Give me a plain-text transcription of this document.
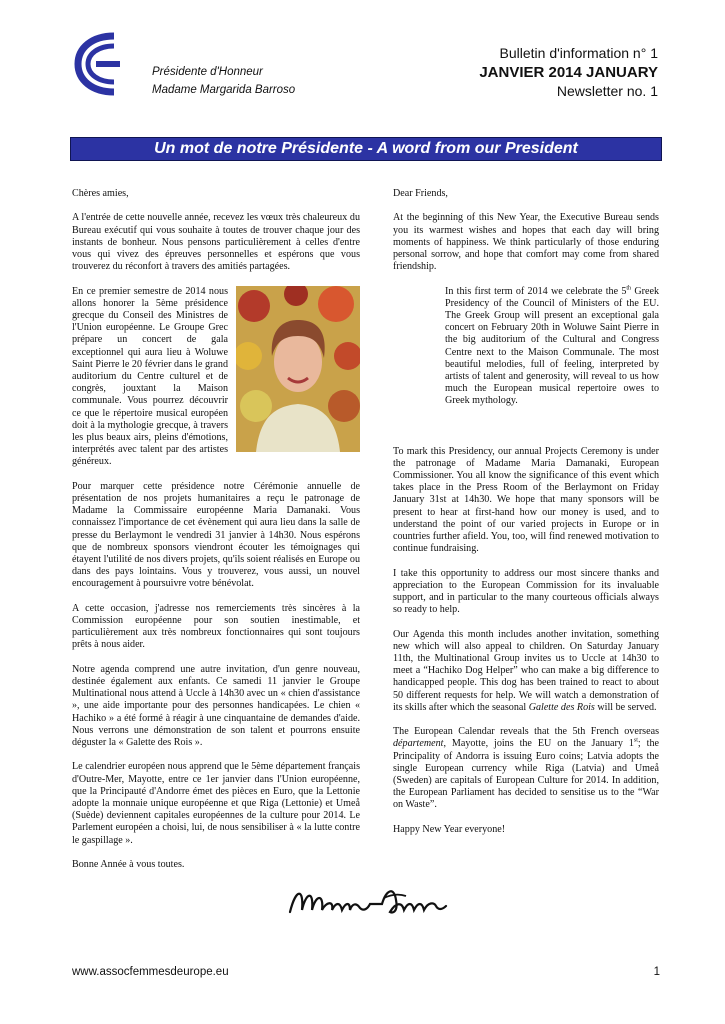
Présidente d'Honneur
Madame Margarida Barroso
Bulletin d'information n° 1
JANVIER 2014 JANUARY
Newsletter no. 1
Un mot de notre Présidente - A word from our President

Chères amies,

A l'entrée de cette nouvelle année, recevez les vœux très chaleureux du Bureau exécutif qui vous souhaite à toutes de trouver chaque jour des instants de bonheur. Nous pensons particulièrement à celles d'entre vous qui vivez des épreuves personnelles et espérons que vous trouverez du réconfort à travers des amitiés partagées.

En ce premier semestre de 2014 nous allons honorer la 5ème présidence grecque du Conseil des Ministres de l'Union européenne. Le Groupe Grec prépare un concert de gala exceptionnel qui aura lieu à Woluwe Saint Pierre le 20 février dans le grand auditorium du Centre culturel et de congrès, jouxtant la Maison communale. Vous pourrez découvrir ce que le répertoire musical européen doit à la mythologie grecque, à travers les plus beaux airs, pleins d'émotions, interprétés avec talent par des artistes généreux.

Pour marquer cette présidence notre Cérémonie annuelle de présentation de nos projets humanitaires a reçu le patronage de Madame la Commissaire européenne Maria Damanaki. Vous connaissez l'importance de cet évènement qui aura lieu dans la salle de presse du Berlaymont le vendredi 31 janvier à 14h30. Nous espérons que de nombreux sponsors viendront écouter les témoignages qui étayent l'utilité de nos divers projets, qu'ils soient réalisés en Europe ou dans des pays lointains. Vous y trouverez, vous aussi, un nouvel encouragement à poursuivre votre bénévolat.

A cette occasion, j'adresse nos remerciements très sincères à la Commission européenne pour son soutien inestimable, et particulièrement aux très nombreux fonctionnaires qui sont toujours prêts à nous aider.

Notre agenda comprend une autre invitation, d'un genre nouveau, destinée également aux enfants. Ce samedi 11 janvier le Groupe Multinational nous attend à Uccle à 14h30 avec un « chien d'assistance », une aide importante pour des personnes handicapées. Le chien « Hachiko » a été formé à réagir à une cinquantaine de demandes d'aide. Nous verrons une démonstration de son talent et pourrons ensuite déguster la « Galette des Rois ».

Le calendrier européen nous apprend que le 5ème département français d'Outre-Mer, Mayotte, entre ce 1er janvier dans l'Union européenne, que la Principauté d'Andorre émet des pièces en Euro, que la Lettonie adopte la monnaie unique européenne et que Riga (Lettonie) et Umeå (Suède) deviennent capitales européennes de la culture pour 2014. Le Parlement européen a choisi, lui, de nous sensibiliser à « la lutte contre le gaspillage ».

Bonne Année à vous toutes.

Dear Friends,

At the beginning of this New Year, the Executive Bureau sends you its warmest wishes and hopes that each day will bring moments of happiness. We think particularly of those enduring personal sorrow, and hope that comfort may come from shared friendship.

In this first term of 2014 we celebrate the 5th Greek Presidency of the Council of Ministers of the EU. The Greek Group will present an exceptional gala concert on February 20th in Woluwe Saint Pierre in the big auditorium of the Cultural and Congress Centre next to the Maison Communale. The most beautiful melodies, full of feeling, interpreted by artists of talent and generosity, will reveal to us how much the European musical repertoire owes to Greek mythology.

To mark this Presidency, our annual Projects Ceremony is under the patronage of Madame Maria Damanaki, European Commissioner. You all know the significance of this event which takes place in the Press Room of the Berlaymont on Friday January 31st at 14h30. We hope that many sponsors will be present to hear at first-hand how our money is used, and to understand the point of our varied projects in Europe or in countries further afield. You, too, will find renewed motivation to continue fundraising.

I take this opportunity to address our most sincere thanks and appreciation to the European Commission for its invaluable support, and in particular to the many courteous officials always so ready to help.

Our Agenda this month includes another invitation, something new which will also appeal to children. On Saturday January 11th, the Multinational Group invites us to Uccle at 14h30 to meet a “Hachiko Dog Helper” who can make a big difference to handicapped people. This dog has been trained to react to about 50 different requests for help. We will watch a demonstration of its skills after which the seasonal Galette des Rois will be served.

The European Calendar reveals that the 5th French overseas département, Mayotte, joins the EU on the January 1st; the Principality of Andorra is issuing Euro coins; Latvia adopts the single European currency while Riga (Latvia) and Umeå (Sweden) are capitals of European Culture for 2014. In addition, the European Parliament has decided to sensitise us to the “War on Waste”.

Happy New Year everyone!

www.assocfemmesdeurope.eu	1
